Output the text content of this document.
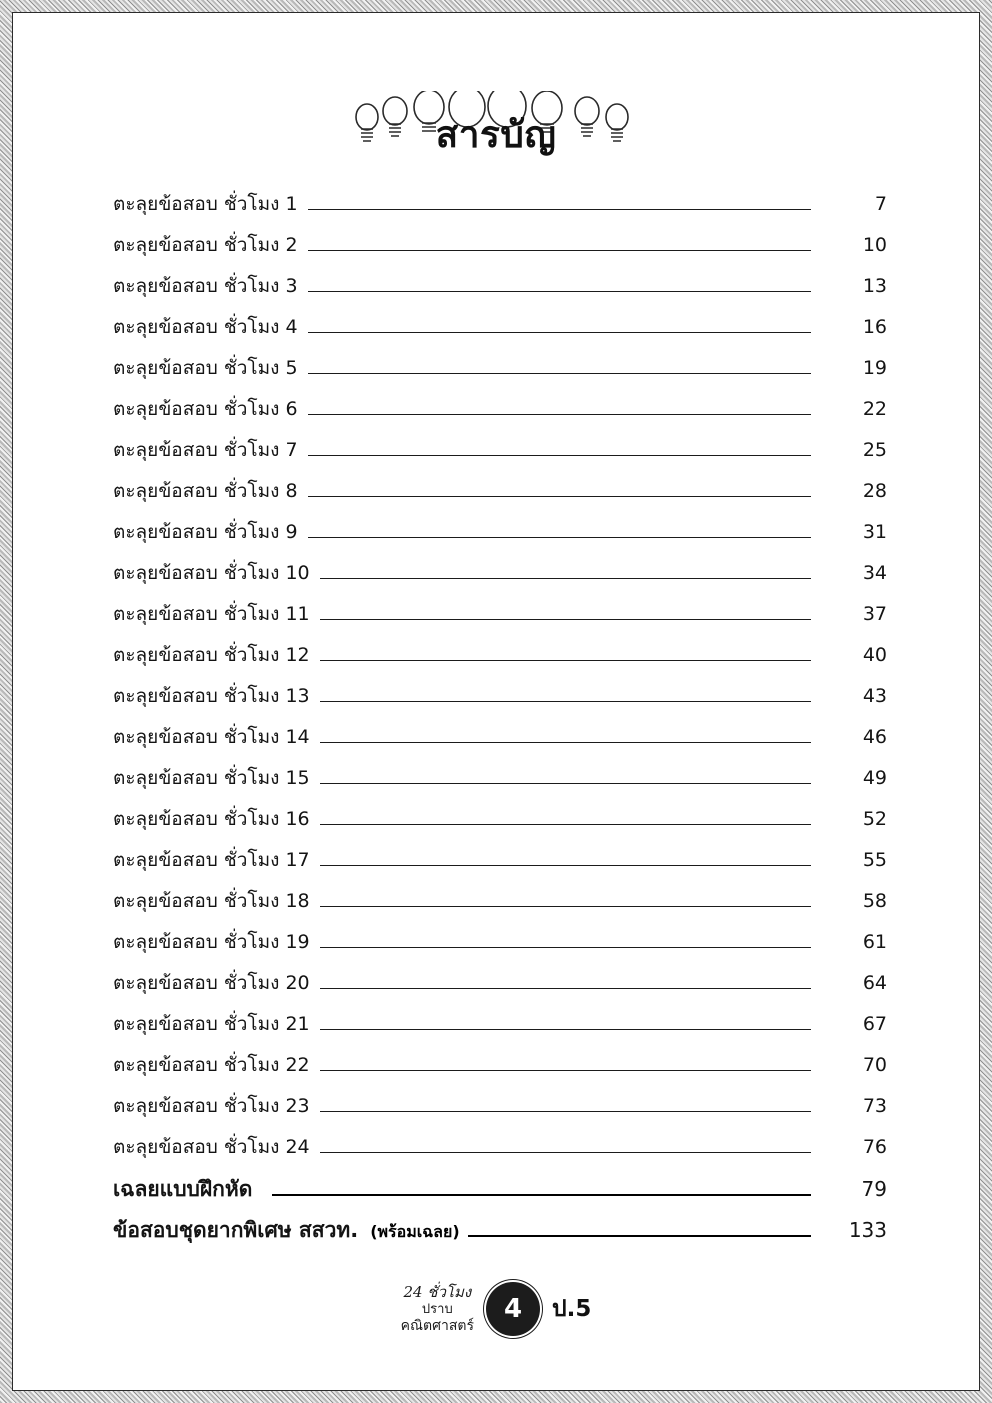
สารบัญ
ตะลุยข้อสอบ ชั่วโมง 1	7
ตะลุยข้อสอบ ชั่วโมง 2	10
ตะลุยข้อสอบ ชั่วโมง 3	13
ตะลุยข้อสอบ ชั่วโมง 4	16
ตะลุยข้อสอบ ชั่วโมง 5	19
ตะลุยข้อสอบ ชั่วโมง 6	22
ตะลุยข้อสอบ ชั่วโมง 7	25
ตะลุยข้อสอบ ชั่วโมง 8	28
ตะลุยข้อสอบ ชั่วโมง 9	31
ตะลุยข้อสอบ ชั่วโมง 10	34
ตะลุยข้อสอบ ชั่วโมง 11	37
ตะลุยข้อสอบ ชั่วโมง 12	40
ตะลุยข้อสอบ ชั่วโมง 13	43
ตะลุยข้อสอบ ชั่วโมง 14	46
ตะลุยข้อสอบ ชั่วโมง 15	49
ตะลุยข้อสอบ ชั่วโมง 16	52
ตะลุยข้อสอบ ชั่วโมง 17	55
ตะลุยข้อสอบ ชั่วโมง 18	58
ตะลุยข้อสอบ ชั่วโมง 19	61
ตะลุยข้อสอบ ชั่วโมง 20	64
ตะลุยข้อสอบ ชั่วโมง 21	67
ตะลุยข้อสอบ ชั่วโมง 22	70
ตะลุยข้อสอบ ชั่วโมง 23	73
ตะลุยข้อสอบ ชั่วโมง 24	76
เฉลยแบบฝึกหัด	79
ข้อสอบชุดยากพิเศษ สสวท. (พร้อมเฉลย)	133
24 ชั่วโมง
ปราบ
คณิตศาสตร์
4	ป.5
